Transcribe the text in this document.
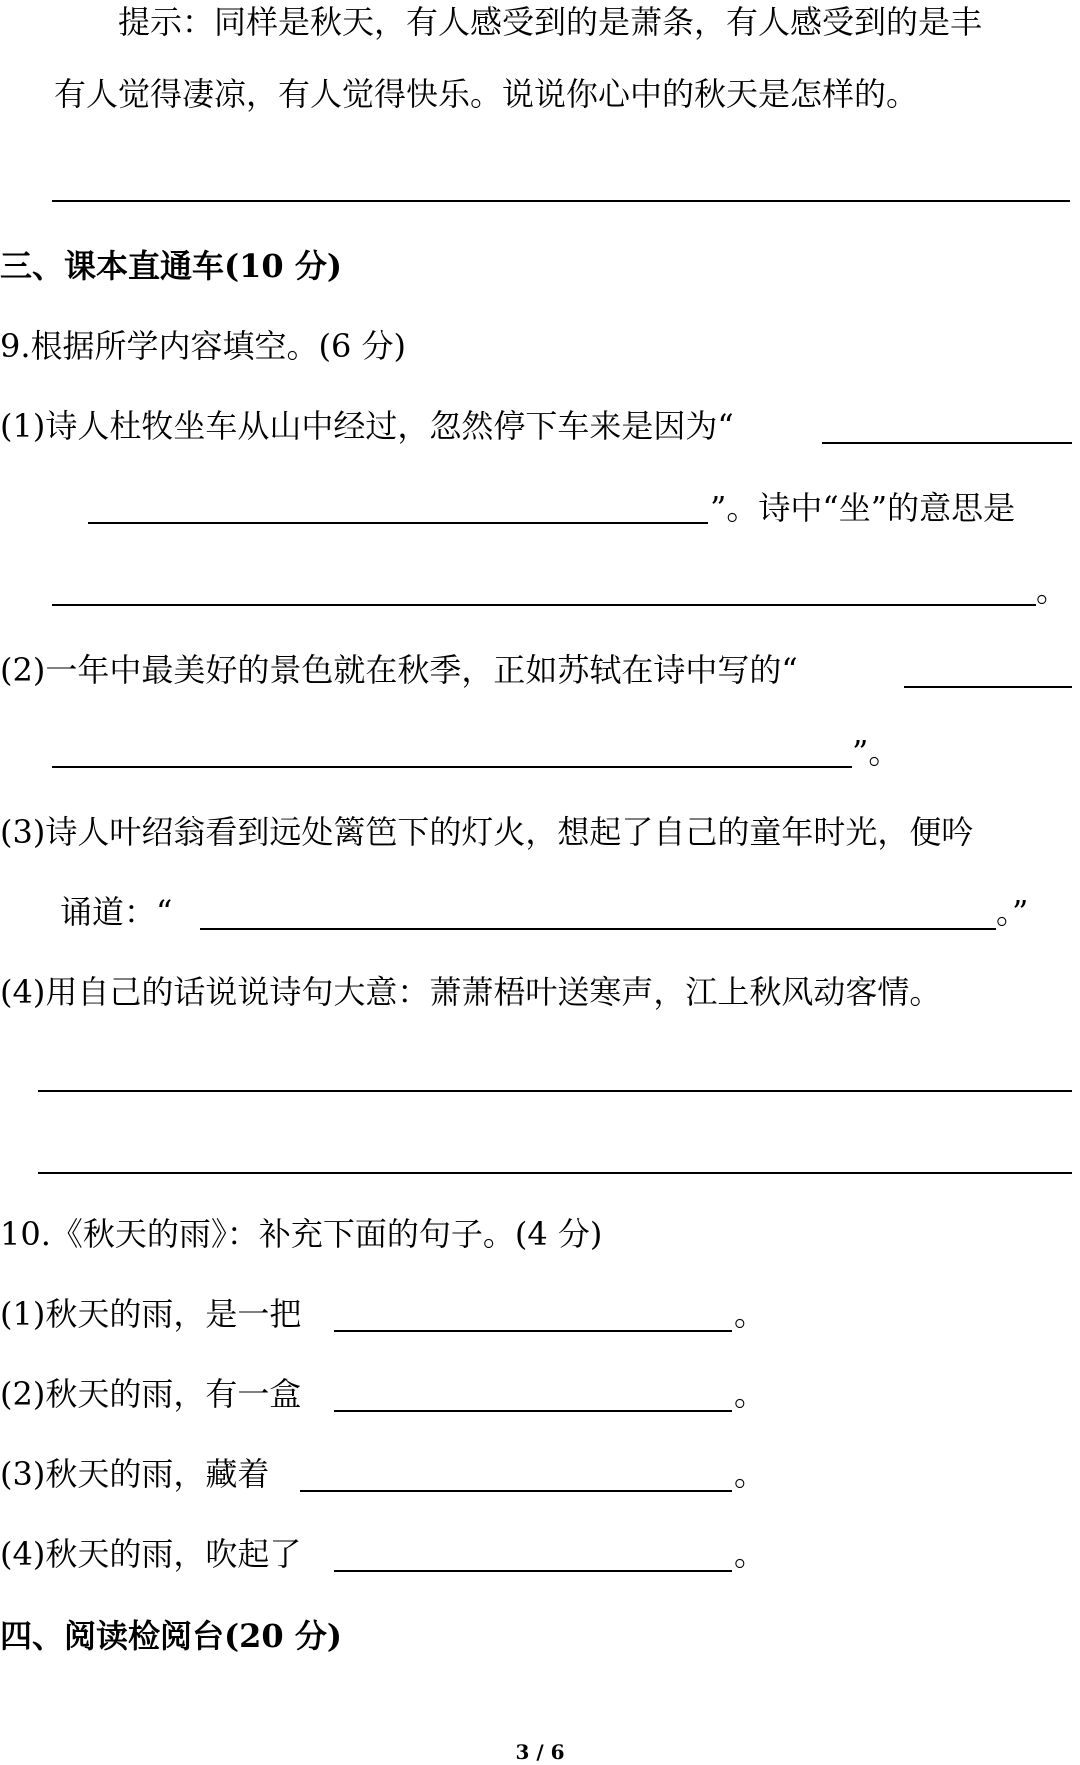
提示：同样是秋天，有人感受到的是萧条，有人感受到的是丰
有人觉得凄凉，有人觉得快乐。说说你心中的秋天是怎样的。
三、课本直通车(10 分)
9.根据所学内容填空。(6 分)
(1)诗人杜牧坐车从山中经过，忽然停下车来是因为“
”。诗中“坐”的意思是
。
(2)一年中最美好的景色就在秋季，正如苏轼在诗中写的“
”。
(3)诗人叶绍翁看到远处篱笆下的灯火，想起了自己的童年时光，便吟
诵道：“	。”
(4)用自己的话说说诗句大意：萧萧梧叶送寒声，江上秋风动客情。
10.《秋天的雨》：补充下面的句子。(4 分)
(1)秋天的雨，是一把	。
(2)秋天的雨，有一盒	。
(3)秋天的雨，藏着	。
(4)秋天的雨，吹起了	。
四、阅读检阅台(20 分)
3 / 6
